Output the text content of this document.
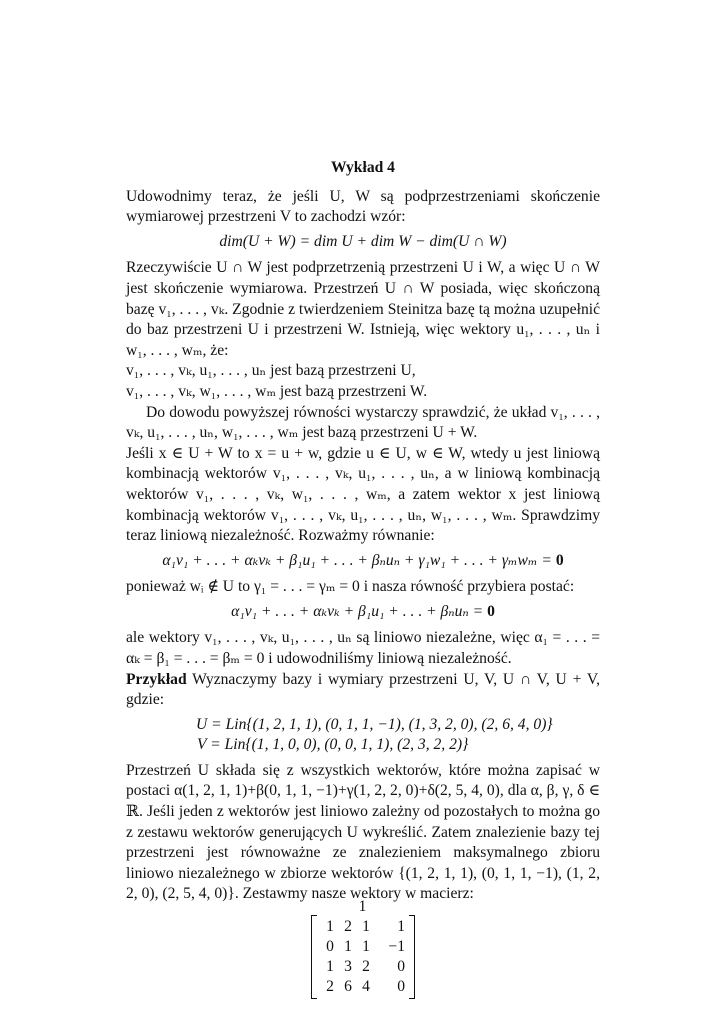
Wykład 4

Udowodnimy teraz, że jeśli U, W są podprzestrzeniami skończenie wymiarowej przestrzeni V to zachodzi wzór:

dim(U + W) = dim U + dim W − dim(U ∩ W)

Rzeczywiście U ∩ W jest podprzetrzenią przestrzeni U i W, a więc U ∩ W jest skończenie wymiarowa. Przestrzeń U ∩ W posiada, więc skończoną bazę v₁, . . . , vₖ. Zgodnie z twierdzeniem Steinitza bazę tą można uzupełnić do baz przestrzeni U i przestrzeni W. Istnieją, więc wektory u₁, . . . , uₙ i w₁, . . . , wₘ, że:

v₁, . . . , vₖ, u₁, . . . , uₙ jest bazą przestrzeni U,

v₁, . . . , vₖ, w₁, . . . , wₘ jest bazą przestrzeni W.

Do dowodu powyższej równości wystarczy sprawdzić, że układ v₁, . . . , vₖ, u₁, . . . , uₙ, w₁, . . . , wₘ jest bazą przestrzeni U + W.

Jeśli x ∈ U + W to x = u + w, gdzie u ∈ U, w ∈ W, wtedy u jest liniową kombinacją wektorów v₁, . . . , vₖ, u₁, . . . , uₙ, a w liniową kombinacją wektorów v₁, . . . , vₖ, w₁, . . . , wₘ, a zatem wektor x jest liniową kombinacją wektorów v₁, . . . , vₖ, u₁, . . . , uₙ, w₁, . . . , wₘ. Sprawdzimy teraz liniową niezależność. Rozważmy równanie:

α₁v₁ + . . . + αₖvₖ + β₁u₁ + . . . + βₙuₙ + γ₁w₁ + . . . + γₘwₘ = 0

ponieważ wᵢ ∉ U to γ₁ = . . . = γₘ = 0 i nasza równość przybiera postać:

α₁v₁ + . . . + αₖvₖ + β₁u₁ + . . . + βₙuₙ = 0

ale wektory v₁, . . . , vₖ, u₁, . . . , uₙ są liniowo niezależne, więc α₁ = . . . = αₖ = β₁ = . . . = βₘ = 0 i udowodniliśmy liniową niezależność.

Przykład Wyznaczymy bazy i wymiary przestrzeni U, V, U ∩ V, U + V, gdzie:

U = Lin{(1, 2, 1, 1), (0, 1, 1, −1), (1, 3, 2, 0), (2, 6, 4, 0)}
V = Lin{(1, 1, 0, 0), (0, 0, 1, 1), (2, 3, 2, 2)}

Przestrzeń U składa się z wszystkich wektorów, które można zapisać w postaci α(1, 2, 1, 1)+β(0, 1, 1, −1)+γ(1, 2, 2, 0)+δ(2, 5, 4, 0), dla α, β, γ, δ ∈ ℝ. Jeśli jeden z wektorów jest liniowo zależny od pozostałych to można go z zestawu wektorów generujących U wykreślić. Zatem znalezienie bazy tej przestrzeni jest równoważne ze znalezieniem maksymalnego zbioru liniowo niezależnego w zbiorze wektorów {(1, 2, 1, 1), (0, 1, 1, −1), (1, 2, 2, 0), (2, 5, 4, 0)}. Zestawmy nasze wektory w macierz:

1 2 1	1
0 1 1	−1
1 3 2	0
2 6 4	0
1
